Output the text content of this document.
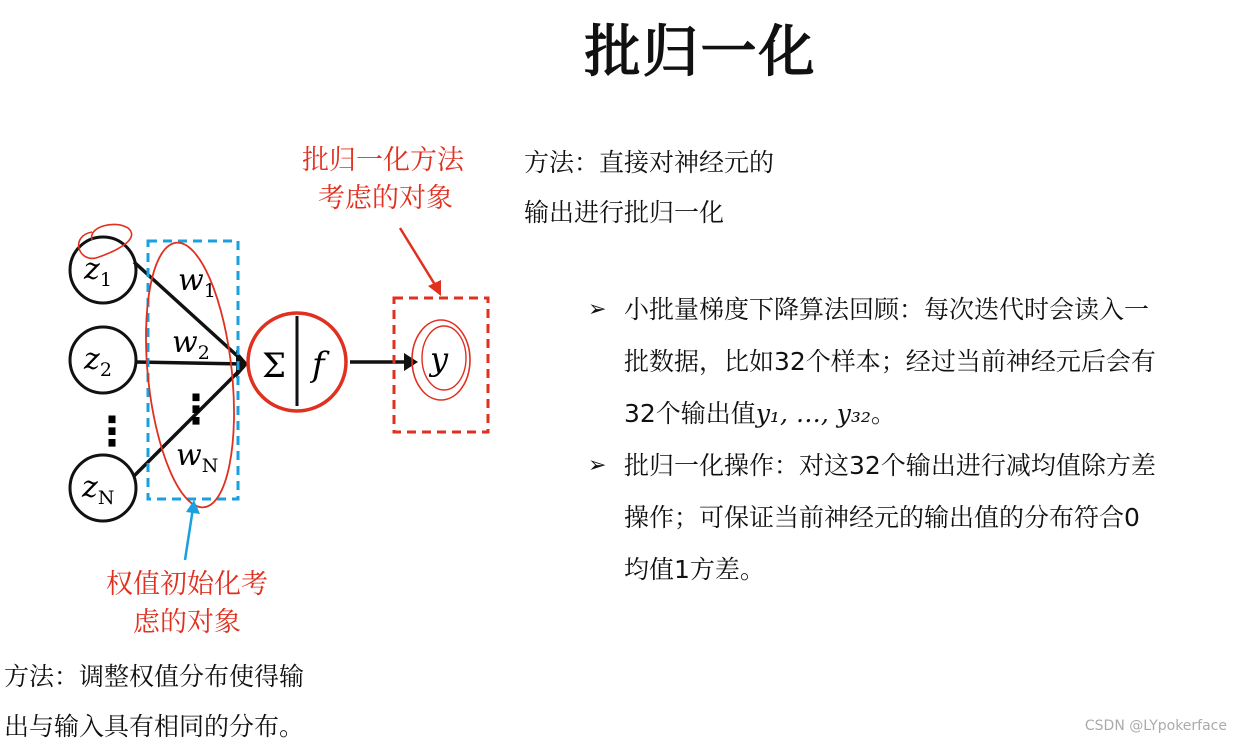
批归一化
$z_1$
$z_2$
$z_N$
⋮
$w_1$
$w_2$
$w_N$
⋮
Σ f	y
批归一化方法
考虑的对象
权值初始化考
虑的对象
方法：直接对神经元的
输出进行批归一化
方法：调整权值分布使得输
出与输入具有相同的分布。
➢ 小批量梯度下降算法回顾：每次迭代时会读入一
批数据，比如32个样本；经过当前神经元后会有
32个输出值y₁, …, y₃₂。
➢ 批归一化操作：对这32个输出进行减均值除方差
操作；可保证当前神经元的输出值的分布符合0
均值1方差。
CSDN @LYpokerface
